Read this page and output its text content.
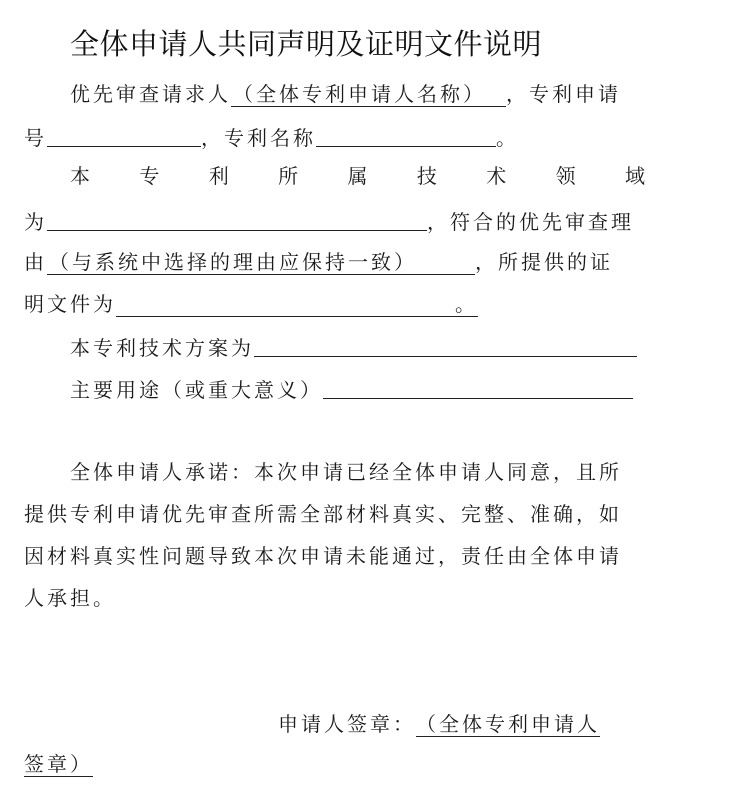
全体申请人共同声明及证明文件说明
优先审查请求人 （全体专利申请人名称） ，专利申请
号	，专利名称	。
本 专 利 所 属 技 术 领 域
为	，符合的优先审查理
由 （与系统中选择的理由应保持一致）	，所提供的证
明文件为	。
本专利技术方案为
主要用途（或重大意义）
全体申请人承诺：本次申请已经全体申请人同意，且所
提供专利申请优先审查所需全部材料真实、完整、准确，如
因材料真实性问题导致本次申请未能通过，责任由全体申请
人承担。
申请人签章：（全体专利申请人
签章）
